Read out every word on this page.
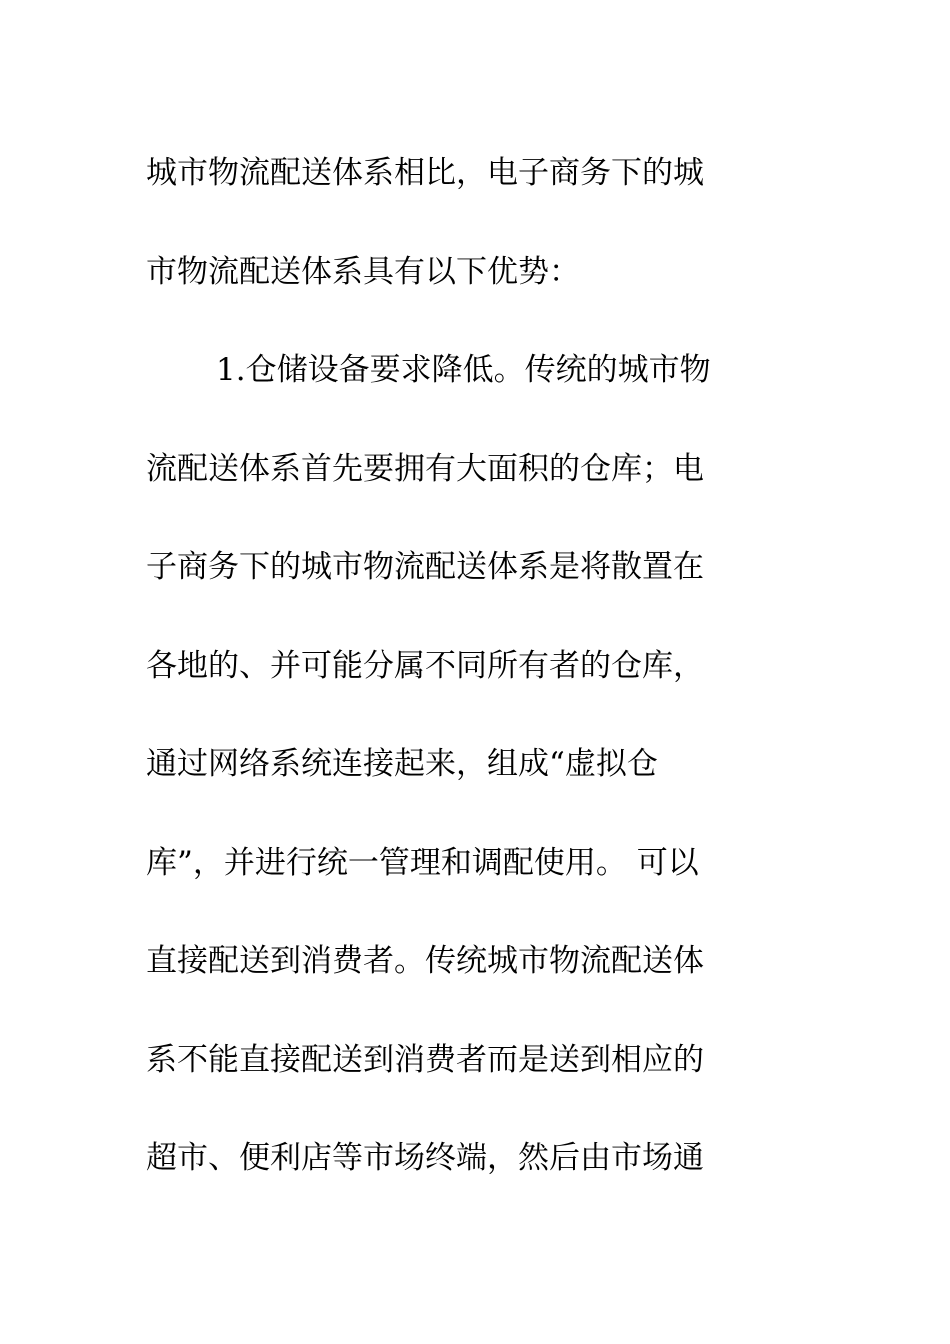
城市物流配送体系相比，电子商务下的城
市物流配送体系具有以下优势：
1.仓储设备要求降低。传统的城市物
流配送体系首先要拥有大面积的仓库；电
子商务下的城市物流配送体系是将散置在
各地的、并可能分属不同所有者的仓库，
通过网络系统连接起来，组成“虚拟仓
库”，并进行统一管理和调配使用。 可以
直接配送到消费者。传统城市物流配送体
系不能直接配送到消费者而是送到相应的
超市、便利店等市场终端，然后由市场通
